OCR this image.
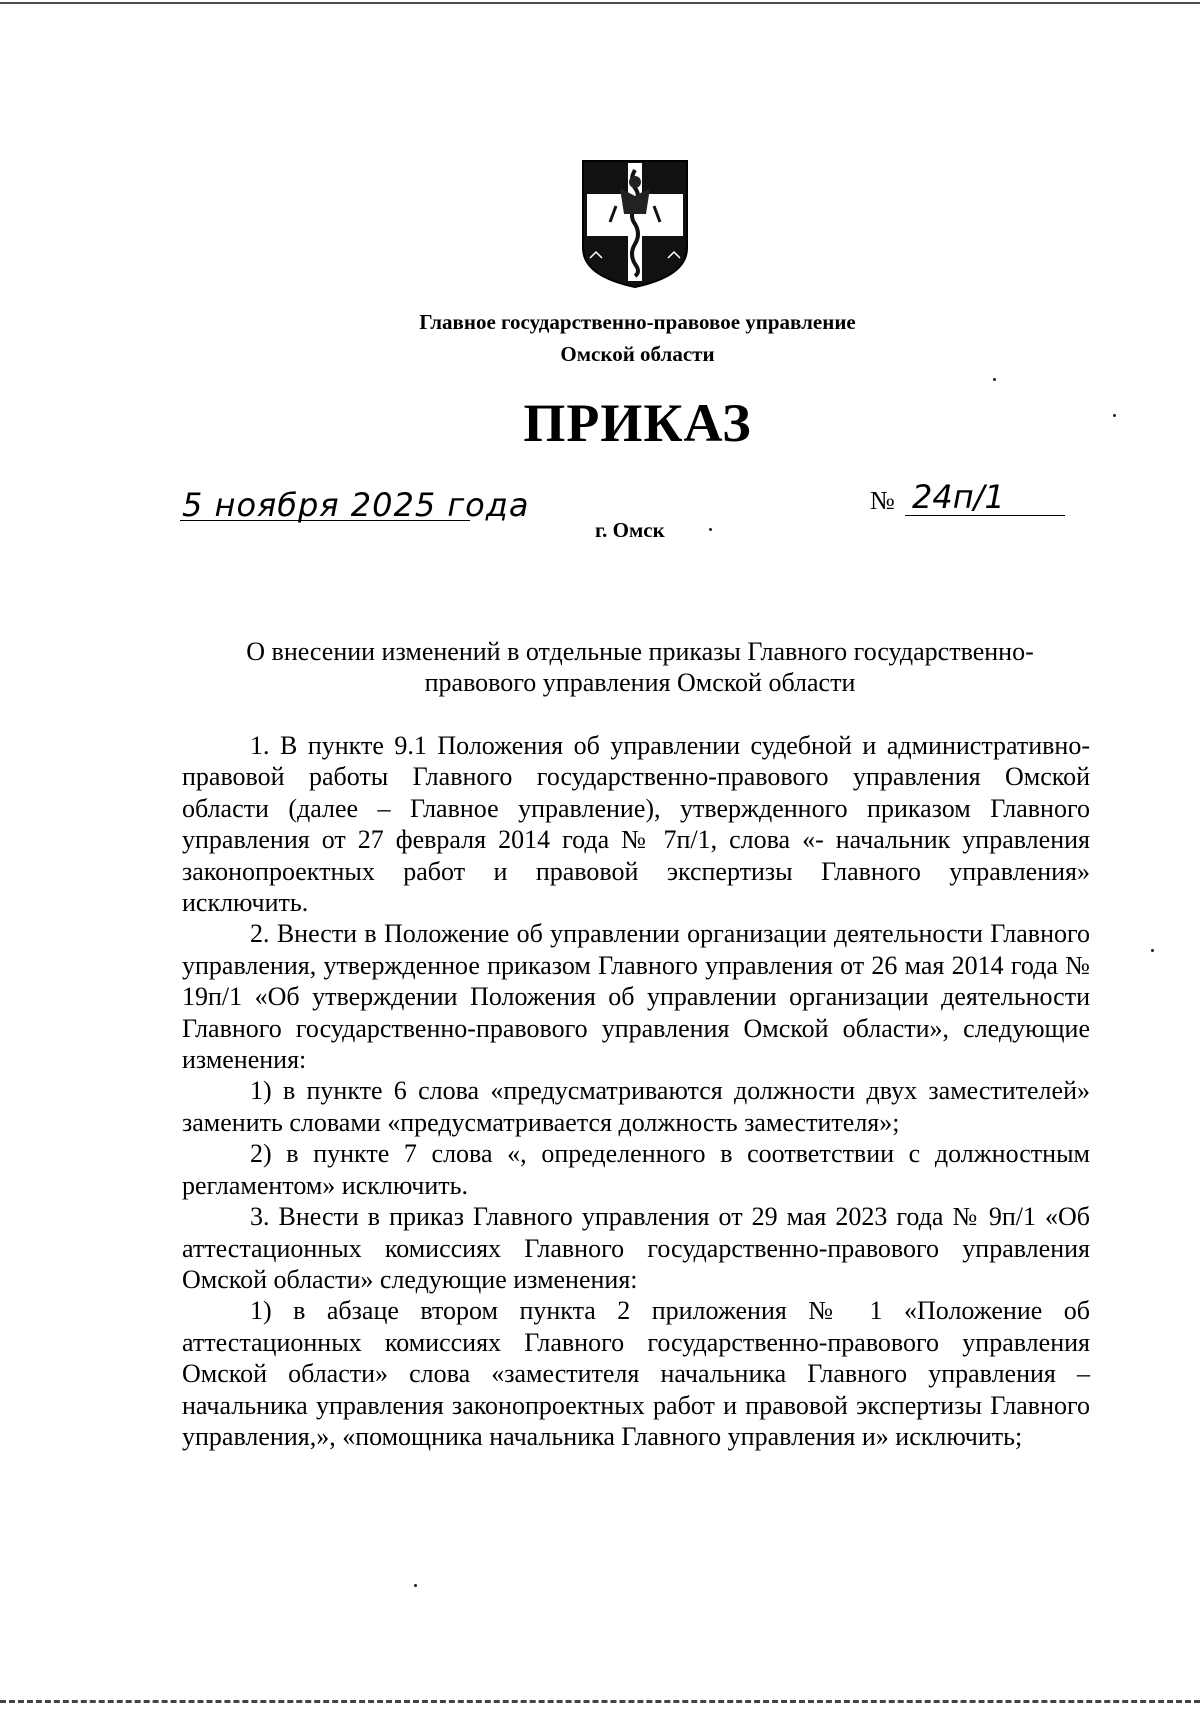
Главное государственно-правовое управление
Омской области
ПРИКАЗ
5 ноября 2025 года
г. Омск
№ 24п/1
О внесении изменений в отдельные приказы Главного государственно-правового управления Омской области

1. В пункте 9.1 Положения об управлении судебной и административно-правовой работы Главного государственно-правового управления Омской области (далее – Главное управление), утвержденного приказом Главного управления от 27 февраля 2014 года № 7п/1, слова «- начальник управления законопроектных работ и правовой экспертизы Главного управления» исключить.

2. Внести в Положение об управлении организации деятельности Главного управления, утвержденное приказом Главного управления от 26 мая 2014 года № 19п/1 «Об утверждении Положения об управлении организации деятельности Главного государственно-правового управления Омской области», следующие изменения:

1) в пункте 6 слова «предусматриваются должности двух заместителей» заменить словами «предусматривается должность заместителя»;

2) в пункте 7 слова «, определенного в соответствии с должностным регламентом» исключить.

3. Внести в приказ Главного управления от 29 мая 2023 года № 9п/1 «Об аттестационных комиссиях Главного государственно-правового управления Омской области» следующие изменения:

1) в абзаце втором пункта 2 приложения № 1 «Положение об аттестационных комиссиях Главного государственно-правового управления Омской области» слова «заместителя начальника Главного управления – начальника управления законопроектных работ и правовой экспертизы Главного управления,», «помощника начальника Главного управления и» исключить;
